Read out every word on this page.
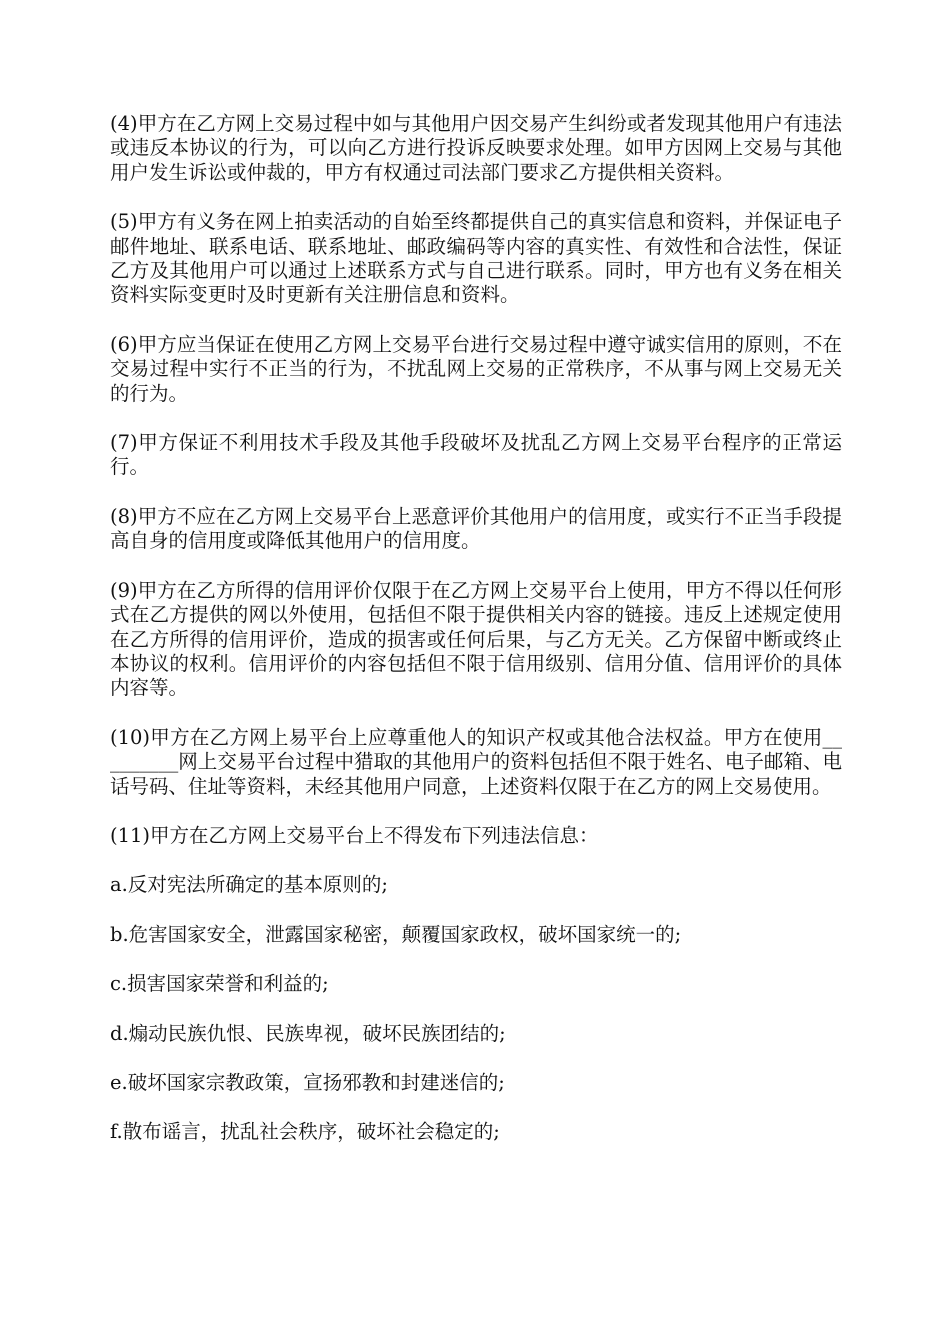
(4)甲方在乙方网上交易过程中如与其他用户因交易产生纠纷或者发现其他用户有违法或违反本协议的行为，可以向乙方进行投诉反映要求处理。如甲方因网上交易与其他用户发生诉讼或仲裁的，甲方有权通过司法部门要求乙方提供相关资料。

(5)甲方有义务在网上拍卖活动的自始至终都提供自己的真实信息和资料，并保证电子邮件地址、联系电话、联系地址、邮政编码等内容的真实性、有效性和合法性，保证乙方及其他用户可以通过上述联系方式与自己进行联系。同时，甲方也有义务在相关资料实际变更时及时更新有关注册信息和资料。

(6)甲方应当保证在使用乙方网上交易平台进行交易过程中遵守诚实信用的原则，不在交易过程中实行不正当的行为，不扰乱网上交易的正常秩序，不从事与网上交易无关的行为。

(7)甲方保证不利用技术手段及其他手段破坏及扰乱乙方网上交易平台程序的正常运行。

(8)甲方不应在乙方网上交易平台上恶意评价其他用户的信用度，或实行不正当手段提高自身的信用度或降低其他用户的信用度。

(9)甲方在乙方所得的信用评价仅限于在乙方网上交易平台上使用，甲方不得以任何形式在乙方提供的网以外使用，包括但不限于提供相关内容的链接。违反上述规定使用在乙方所得的信用评价，造成的损害或任何后果，与乙方无关。乙方保留中断或终止本协议的权利。信用评价的内容包括但不限于信用级别、信用分值、信用评价的具体内容等。

(10)甲方在乙方网上易平台上应尊重他人的知识产权或其他合法权益。甲方在使用_________网上交易平台过程中猎取的其他用户的资料包括但不限于姓名、电子邮箱、电话号码、住址等资料，未经其他用户同意，上述资料仅限于在乙方的网上交易使用。

(11)甲方在乙方网上交易平台上不得发布下列违法信息：

a.反对宪法所确定的基本原则的;

b.危害国家安全，泄露国家秘密，颠覆国家政权，破坏国家统一的;

c.损害国家荣誉和利益的;

d.煽动民族仇恨、民族卑视，破坏民族团结的;

e.破坏国家宗教政策，宣扬邪教和封建迷信的;

f.散布谣言，扰乱社会秩序，破坏社会稳定的;
